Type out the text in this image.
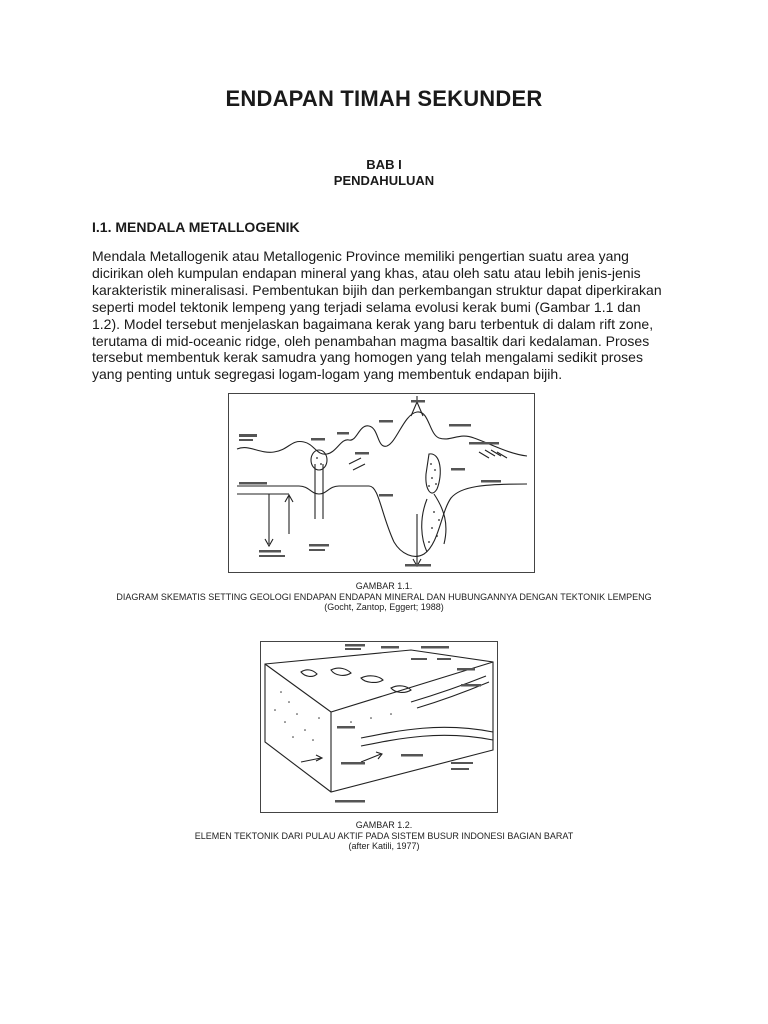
ENDAPAN TIMAH SEKUNDER
BAB I
PENDAHULUAN
I.1. MENDALA METALLOGENIK
Mendala Metallogenik atau Metallogenic Province memiliki pengertian suatu area yang
dicirikan oleh kumpulan endapan mineral yang khas, atau oleh satu atau lebih jenis-jenis
karakteristik mineralisasi. Pembentukan bijih dan perkembangan struktur dapat diperkirakan
seperti model tektonik lempeng yang terjadi selama evolusi kerak bumi (Gambar 1.1 dan
1.2). Model tersebut menjelaskan bagaimana kerak yang baru terbentuk di dalam rift zone,
terutama di mid-oceanic ridge, oleh penambahan magma basaltik dari kedalaman. Proses
tersebut membentuk kerak samudra yang homogen yang telah mengalami sedikit proses
yang penting untuk segregasi logam-logam yang membentuk endapan bijih.
GAMBAR 1.1.
DIAGRAM SKEMATIS SETTING GEOLOGI ENDAPAN ENDAPAN MINERAL DAN HUBUNGANNYA DENGAN TEKTONIK LEMPENG
(Gocht, Zantop, Eggert; 1988)
GAMBAR 1.2.
ELEMEN TEKTONIK DARI PULAU AKTIF PADA SISTEM BUSUR INDONESI BAGIAN BARAT
(after Katili, 1977)
